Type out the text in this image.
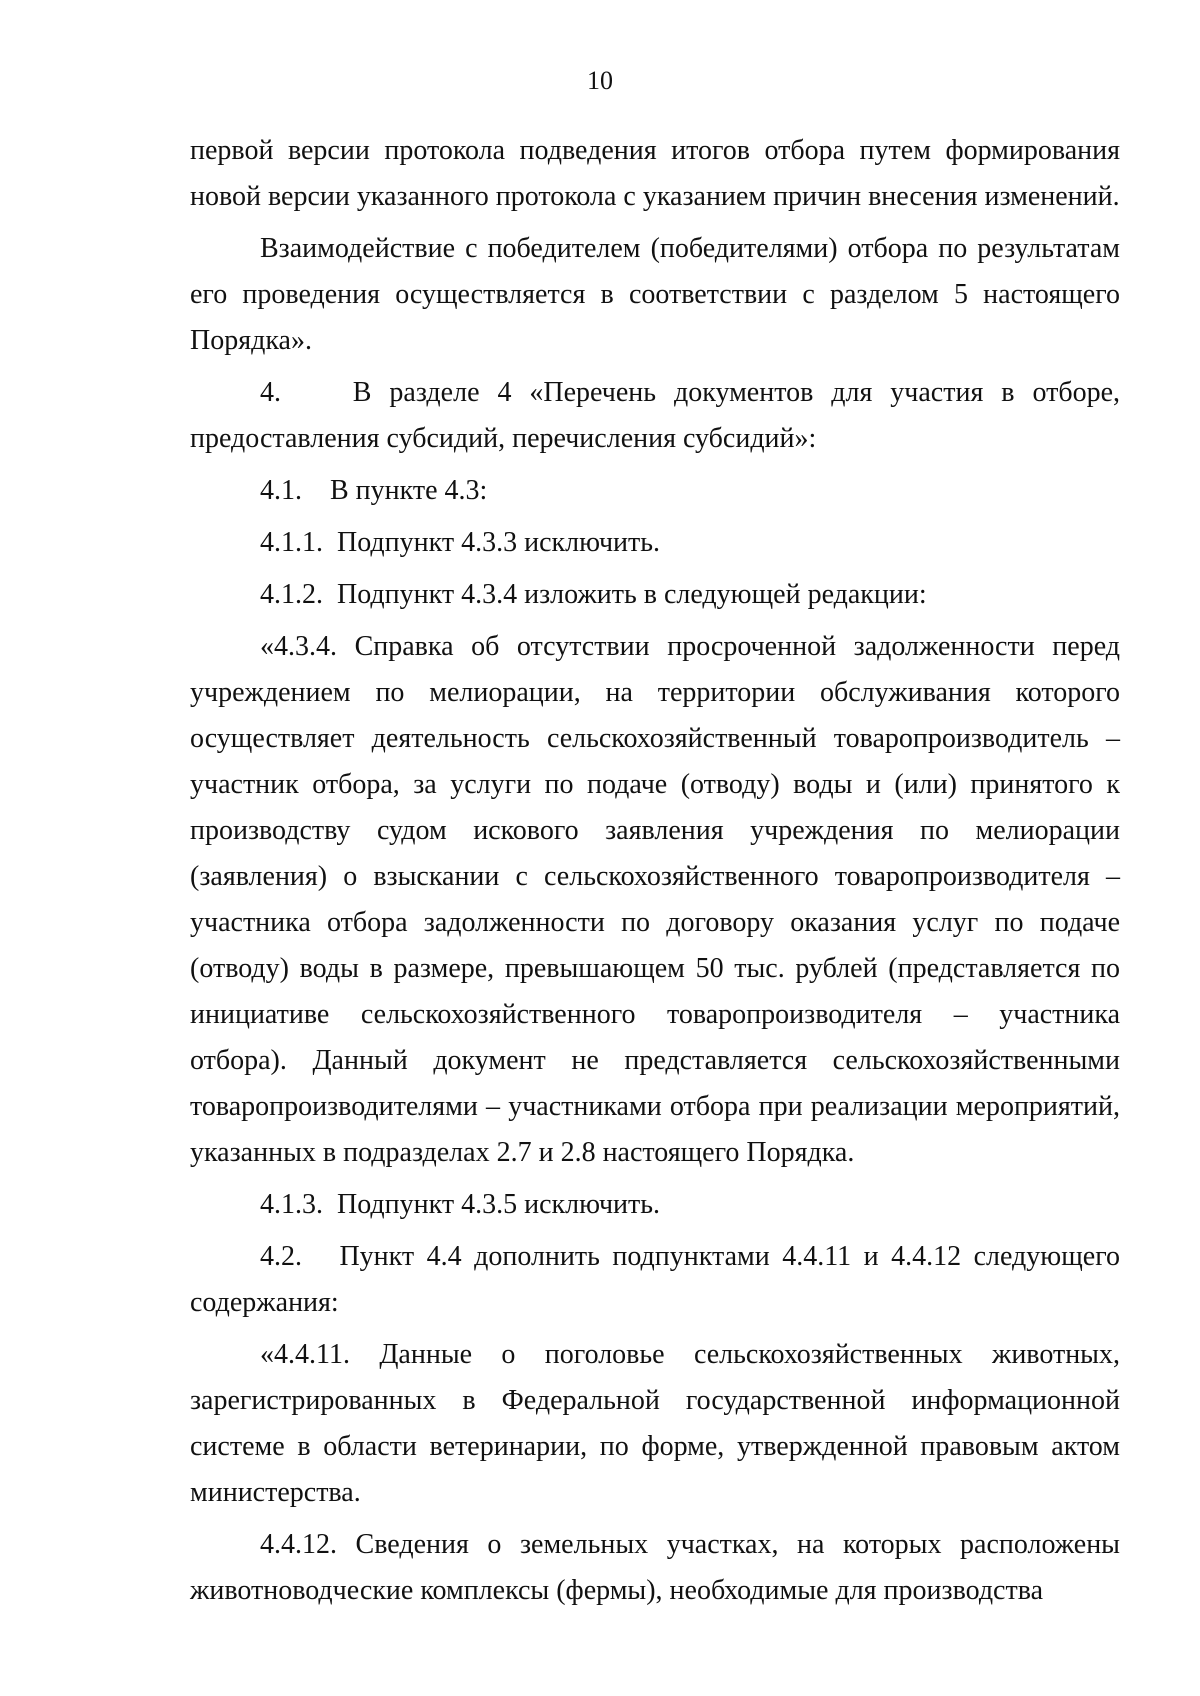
10

первой версии протокола подведения итогов отбора путем формирования новой версии указанного протокола с указанием причин внесения изменений.

Взаимодействие с победителем (победителями) отбора по результатам его проведения осуществляется в соответствии с разделом 5 настоящего Порядка».

4.    В разделе 4 «Перечень документов для участия в отборе, предоставления субсидий, перечисления субсидий»:

4.1.    В пункте 4.3:

4.1.1.  Подпункт 4.3.3 исключить.

4.1.2.  Подпункт 4.3.4 изложить в следующей редакции:

«4.3.4. Справка об отсутствии просроченной задолженности перед учреждением по мелиорации, на территории обслуживания которого осуществляет деятельность сельскохозяйственный товаропроизводитель – участник отбора, за услуги по подаче (отводу) воды и (или) принятого к производству судом искового заявления учреждения по мелиорации (заявления) о взыскании с сельскохозяйственного товаропроизводителя – участника отбора задолженности по договору оказания услуг по подаче (отводу) воды в размере, превышающем 50 тыс. рублей (представляется по инициативе сельскохозяйственного товаропроизводителя – участника отбора). Данный документ не представляется сельскохозяйственными товаропроизводителями – участниками отбора при реализации мероприятий, указанных в подразделах 2.7 и 2.8 настоящего Порядка.

4.1.3.  Подпункт 4.3.5 исключить.

4.2.   Пункт 4.4 дополнить подпунктами 4.4.11 и 4.4.12 следующего содержания:

«4.4.11. Данные о поголовье сельскохозяйственных животных, зарегистрированных в Федеральной государственной информационной системе в области ветеринарии, по форме, утвержденной правовым актом министерства.

4.4.12. Сведения о земельных участках, на которых расположены животноводческие комплексы (фермы), необходимые для производства
